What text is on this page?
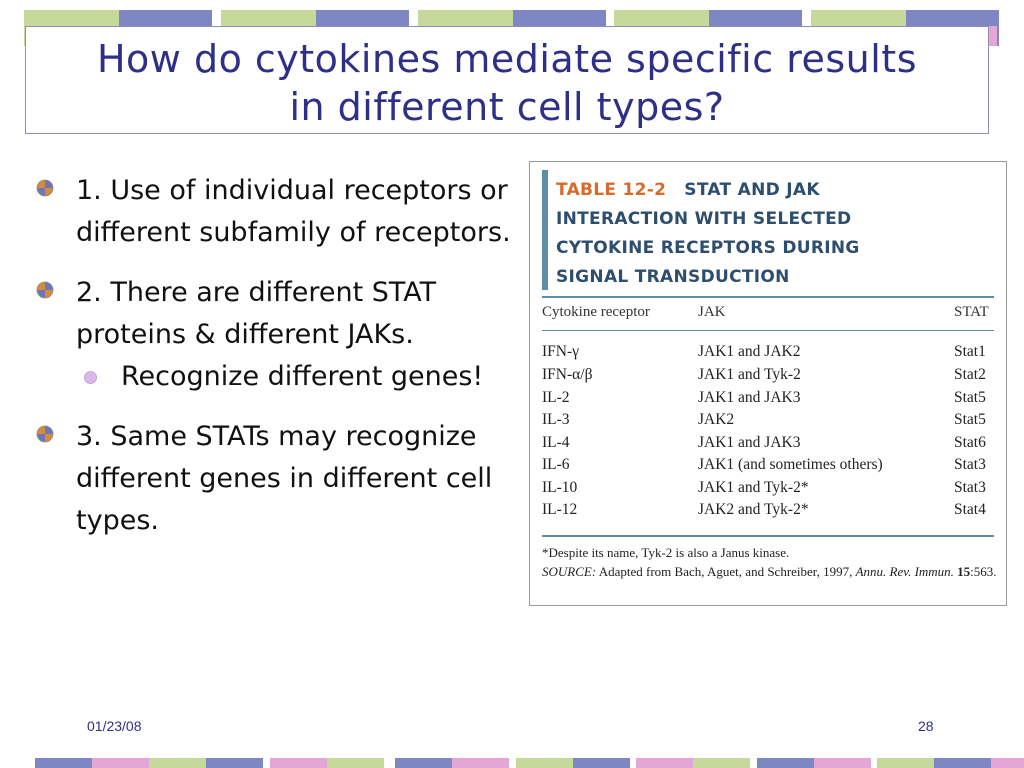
How do cytokines mediate specific results
in different cell types?
1. Use of individual receptors or different subfamily of receptors.
2. There are different STAT proteins & different JAKs.
Recognize different genes!
3. Same STATs may recognize different genes in different cell types.
TABLE 12-2 STAT AND JAK
INTERACTION WITH SELECTED
CYTOKINE RECEPTORS DURING
SIGNAL TRANSDUCTION
Cytokine receptor	JAK	STAT
IFN-γ	JAK1 and JAK2	Stat1
IFN-α/β	JAK1 and Tyk-2	Stat2
IL-2	JAK1 and JAK3	Stat5
IL-3	JAK2	Stat5
IL-4	JAK1 and JAK3	Stat6
IL-6	JAK1 (and sometimes others)	Stat3
IL-10	JAK1 and Tyk-2*	Stat3
IL-12	JAK2 and Tyk-2*	Stat4
*Despite its name, Tyk-2 is also a Janus kinase.
SOURCE: Adapted from Bach, Aguet, and Schreiber, 1997, Annu. Rev. Immun. 15:563.
01/23/08	28
